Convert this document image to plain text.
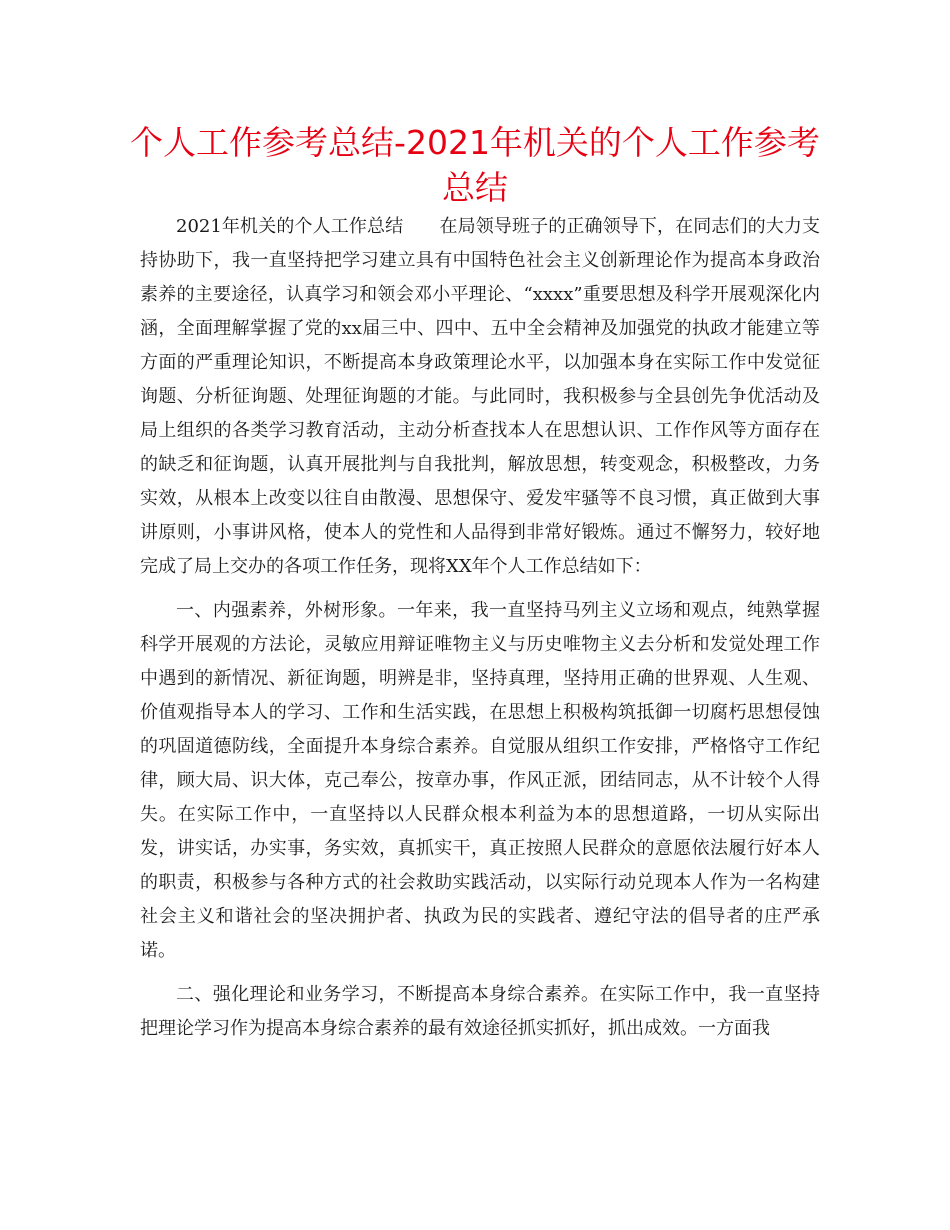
个人工作参考总结-2021年机关的个人工作参考总结

2021年机关的个人工作总结　　在局领导班子的正确领导下，在同志们的大力支持协助下，我一直坚持把学习建立具有中国特色社会主义创新理论作为提高本身政治素养的主要途径，认真学习和领会邓小平理论、“xxxx”重要思想及科学开展观深化内涵，全面理解掌握了党的xx届三中、四中、五中全会精神及加强党的执政才能建立等方面的严重理论知识，不断提高本身政策理论水平，以加强本身在实际工作中发觉征询题、分析征询题、处理征询题的才能。与此同时，我积极参与全县创先争优活动及局上组织的各类学习教育活动，主动分析查找本人在思想认识、工作作风等方面存在的缺乏和征询题，认真开展批判与自我批判，解放思想，转变观念，积极整改，力务实效，从根本上改变以往自由散漫、思想保守、爱发牢骚等不良习惯，真正做到大事讲原则，小事讲风格，使本人的党性和人品得到非常好锻炼。通过不懈努力，较好地完成了局上交办的各项工作任务，现将XX年个人工作总结如下：

一、内强素养，外树形象。一年来，我一直坚持马列主义立场和观点，纯熟掌握科学开展观的方法论，灵敏应用辩证唯物主义与历史唯物主义去分析和发觉处理工作中遇到的新情况、新征询题，明辨是非，坚持真理，坚持用正确的世界观、人生观、价值观指导本人的学习、工作和生活实践，在思想上积极构筑抵御一切腐朽思想侵蚀的巩固道德防线，全面提升本身综合素养。自觉服从组织工作安排，严格恪守工作纪律，顾大局、识大体，克己奉公，按章办事，作风正派，团结同志，从不计较个人得失。在实际工作中，一直坚持以人民群众根本利益为本的思想道路，一切从实际出发，讲实话，办实事，务实效，真抓实干，真正按照人民群众的意愿依法履行好本人的职责，积极参与各种方式的社会救助实践活动，以实际行动兑现本人作为一名构建社会主义和谐社会的坚决拥护者、执政为民的实践者、遵纪守法的倡导者的庄严承诺。

二、强化理论和业务学习，不断提高本身综合素养。在实际工作中，我一直坚持把理论学习作为提高本身综合素养的最有效途径抓实抓好，抓出成效。一方面我
